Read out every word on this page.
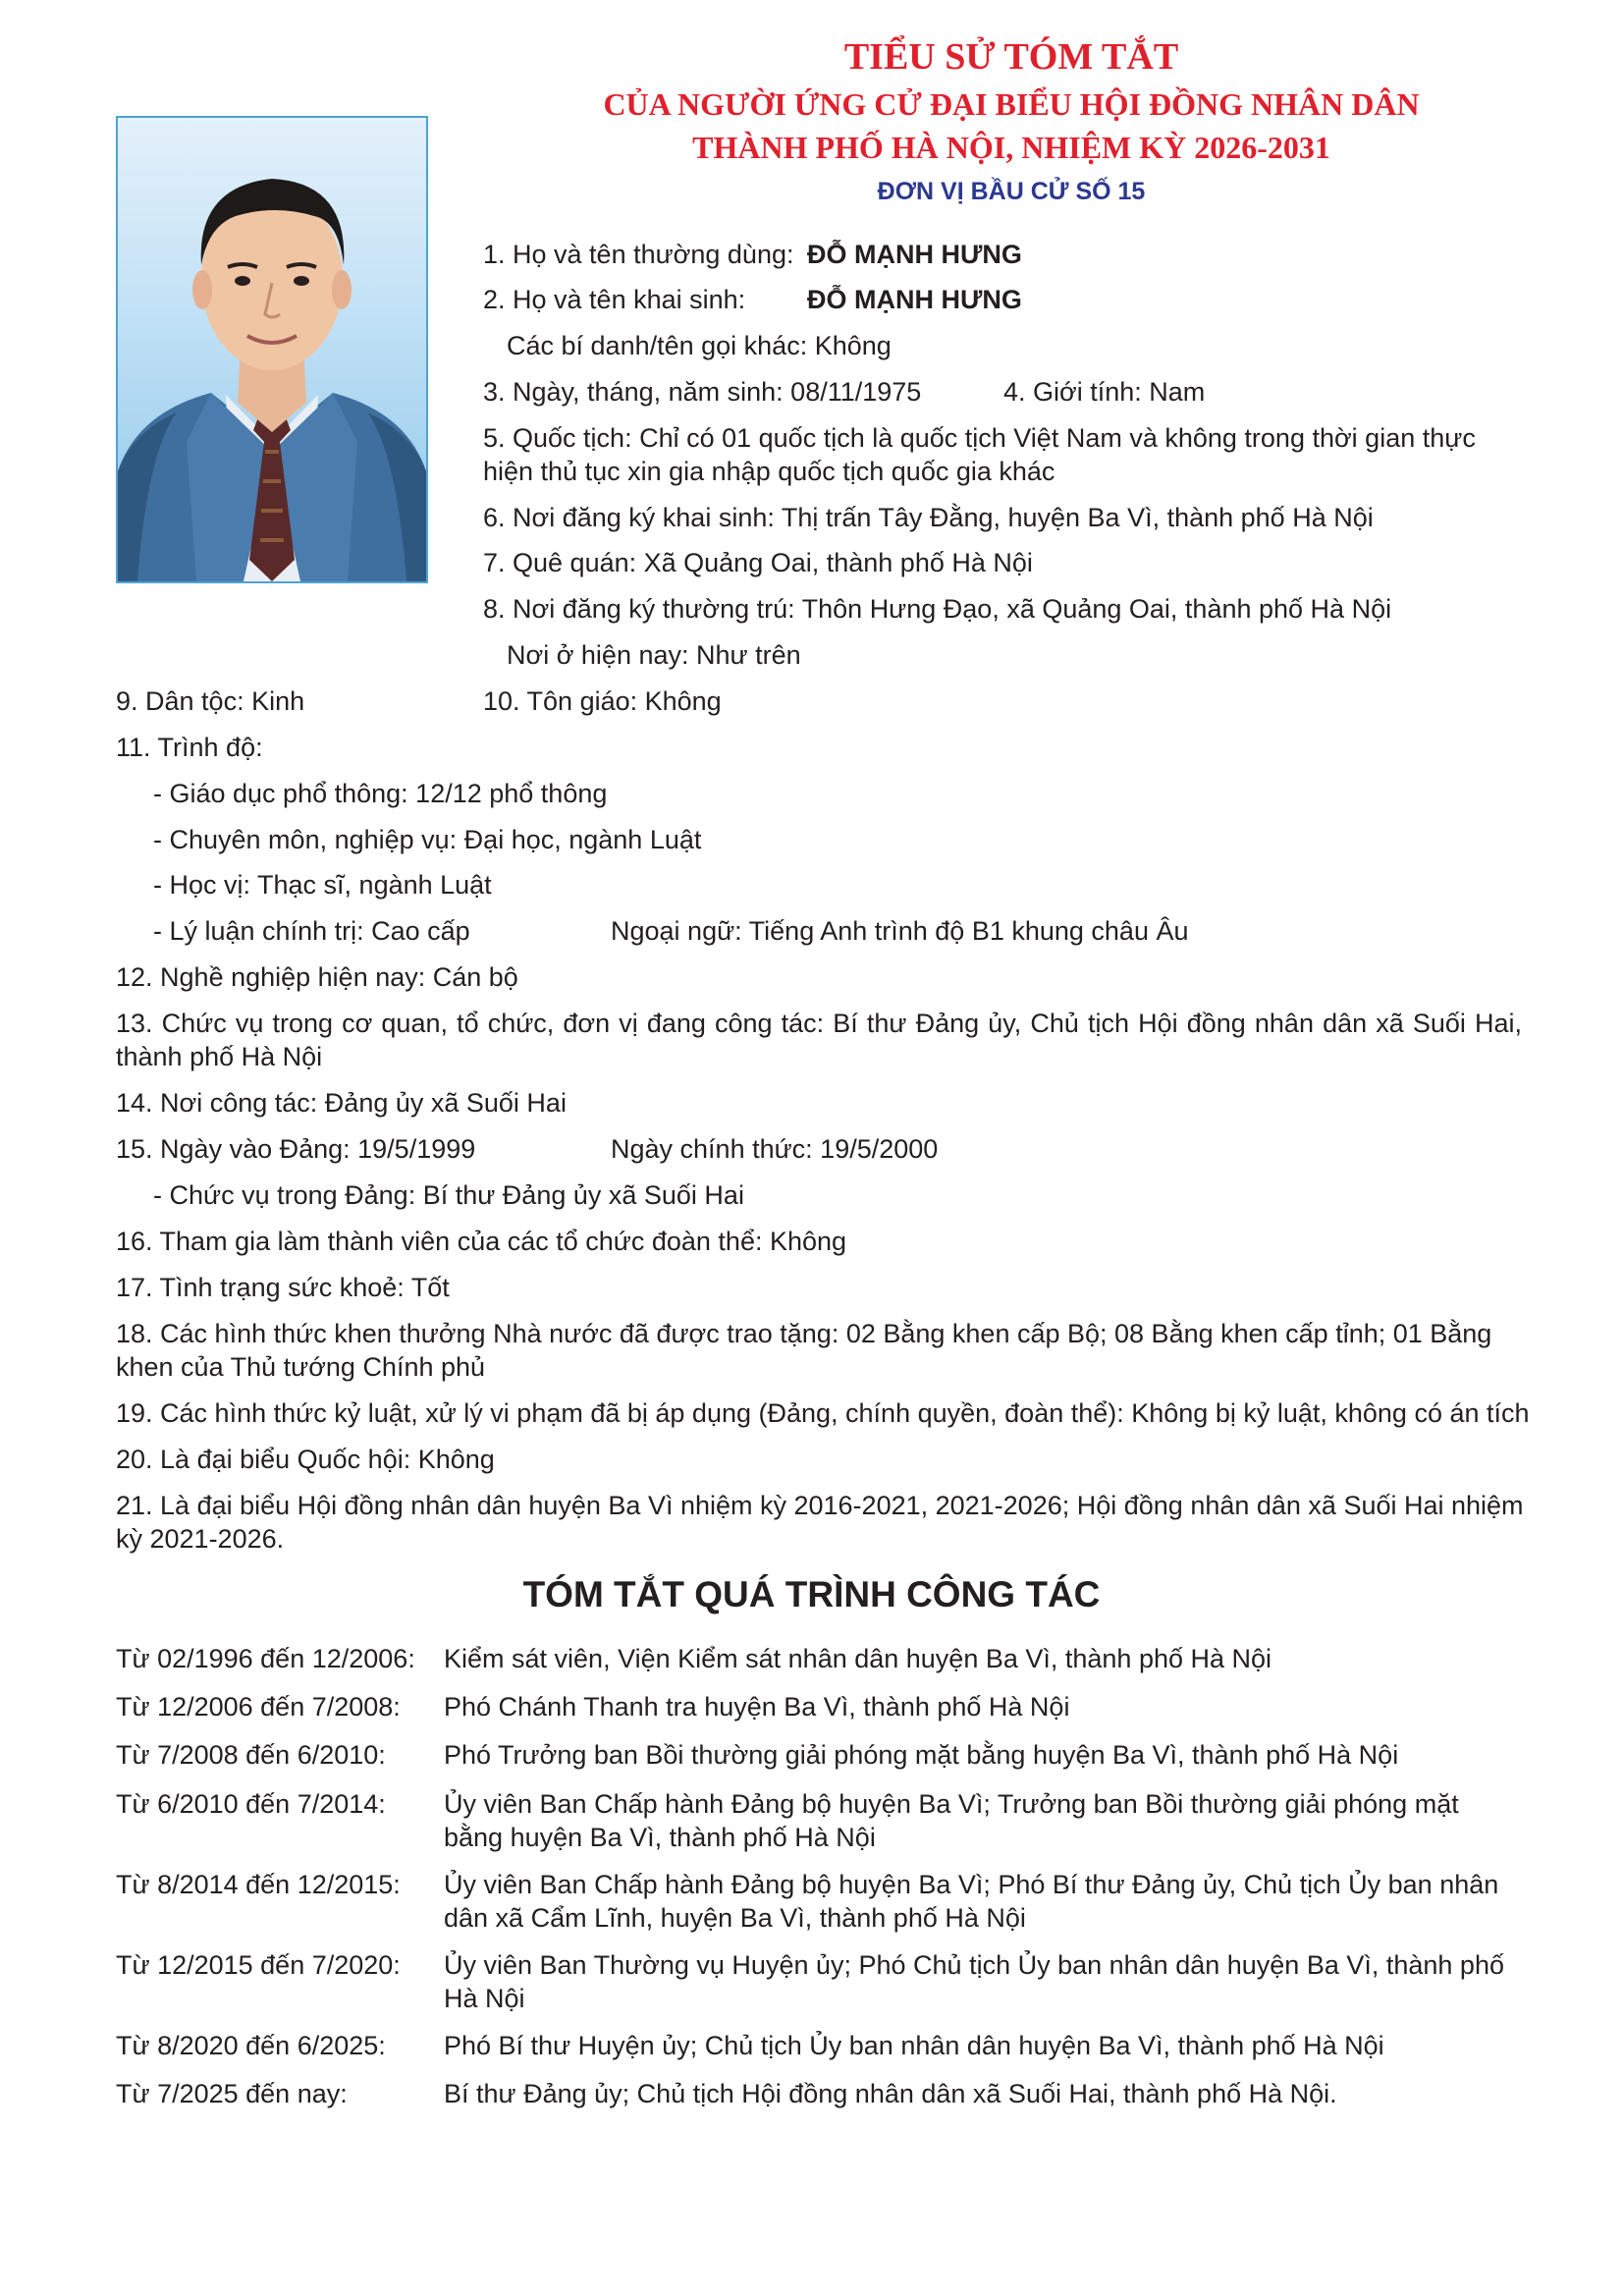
TIỂU SỬ TÓM TẮT
CỦA NGƯỜI ỨNG CỬ ĐẠI BIỂU HỘI ĐỒNG NHÂN DÂN
THÀNH PHỐ HÀ NỘI, NHIỆM KỲ 2026-2031
ĐƠN VỊ BẦU CỬ SỐ 15
1. Họ và tên thường dùng: ĐỖ MẠNH HƯNG
2. Họ và tên khai sinh: ĐỖ MẠNH HƯNG
Các bí danh/tên gọi khác: Không
3. Ngày, tháng, năm sinh: 08/11/1975	4. Giới tính: Nam
5. Quốc tịch: Chỉ có 01 quốc tịch là quốc tịch Việt Nam và không trong thời gian thực hiện thủ tục xin gia nhập quốc tịch quốc gia khác
6. Nơi đăng ký khai sinh: Thị trấn Tây Đằng, huyện Ba Vì, thành phố Hà Nội
7. Quê quán: Xã Quảng Oai, thành phố Hà Nội
8. Nơi đăng ký thường trú: Thôn Hưng Đạo, xã Quảng Oai, thành phố Hà Nội
Nơi ở hiện nay: Như trên
9. Dân tộc: Kinh	10. Tôn giáo: Không
11. Trình độ:
- Giáo dục phổ thông: 12/12 phổ thông
- Chuyên môn, nghiệp vụ: Đại học, ngành Luật
- Học vị: Thạc sĩ, ngành Luật
- Lý luận chính trị: Cao cấp	Ngoại ngữ: Tiếng Anh trình độ B1 khung châu Âu
12. Nghề nghiệp hiện nay: Cán bộ
13. Chức vụ trong cơ quan, tổ chức, đơn vị đang công tác: Bí thư Đảng ủy, Chủ tịch Hội đồng nhân dân xã Suối Hai, thành phố Hà Nội
14. Nơi công tác: Đảng ủy xã Suối Hai
15. Ngày vào Đảng: 19/5/1999	Ngày chính thức: 19/5/2000
- Chức vụ trong Đảng: Bí thư Đảng ủy xã Suối Hai
16. Tham gia làm thành viên của các tổ chức đoàn thể: Không
17. Tình trạng sức khoẻ: Tốt
18. Các hình thức khen thưởng Nhà nước đã được trao tặng: 02 Bằng khen cấp Bộ; 08 Bằng khen cấp tỉnh; 01 Bằng khen của Thủ tướng Chính phủ
19. Các hình thức kỷ luật, xử lý vi phạm đã bị áp dụng (Đảng, chính quyền, đoàn thể): Không bị kỷ luật, không có án tích
20. Là đại biểu Quốc hội: Không
21. Là đại biểu Hội đồng nhân dân huyện Ba Vì nhiệm kỳ 2016-2021, 2021-2026; Hội đồng nhân dân xã Suối Hai nhiệm kỳ 2021-2026.
TÓM TẮT QUÁ TRÌNH CÔNG TÁC
Từ 02/1996 đến 12/2006: Kiểm sát viên, Viện Kiểm sát nhân dân huyện Ba Vì, thành phố Hà Nội
Từ 12/2006 đến 7/2008: Phó Chánh Thanh tra huyện Ba Vì, thành phố Hà Nội
Từ 7/2008 đến 6/2010: Phó Trưởng ban Bồi thường giải phóng mặt bằng huyện Ba Vì, thành phố Hà Nội
Từ 6/2010 đến 7/2014: Ủy viên Ban Chấp hành Đảng bộ huyện Ba Vì; Trưởng ban Bồi thường giải phóng mặt bằng huyện Ba Vì, thành phố Hà Nội
Từ 8/2014 đến 12/2015: Ủy viên Ban Chấp hành Đảng bộ huyện Ba Vì; Phó Bí thư Đảng ủy, Chủ tịch Ủy ban nhân dân xã Cẩm Lĩnh, huyện Ba Vì, thành phố Hà Nội
Từ 12/2015 đến 7/2020: Ủy viên Ban Thường vụ Huyện ủy; Phó Chủ tịch Ủy ban nhân dân huyện Ba Vì, thành phố Hà Nội
Từ 8/2020 đến 6/2025: Phó Bí thư Huyện ủy; Chủ tịch Ủy ban nhân dân huyện Ba Vì, thành phố Hà Nội
Từ 7/2025 đến nay:	Bí thư Đảng ủy; Chủ tịch Hội đồng nhân dân xã Suối Hai, thành phố Hà Nội.
